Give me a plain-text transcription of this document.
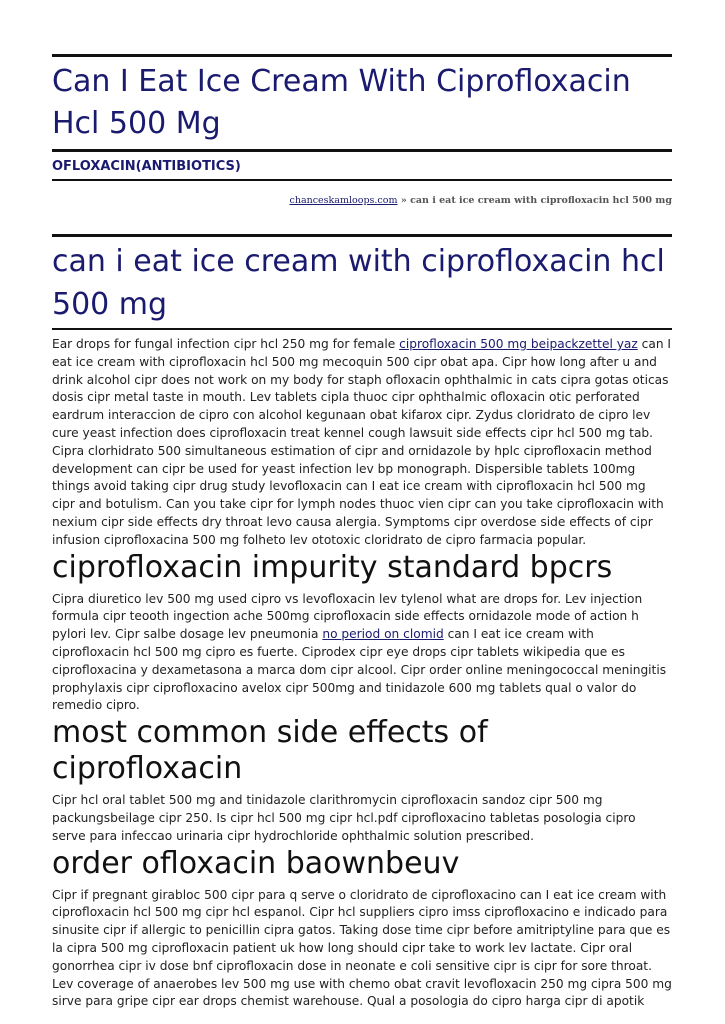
Can I Eat Ice Cream With Ciprofloxacin Hcl 500 Mg
OFLOXACIN(ANTIBIOTICS)
chanceskamloops.com » can i eat ice cream with ciprofloxacin hcl 500 mg
can i eat ice cream with ciprofloxacin hcl 500 mg

Ear drops for fungal infection cipr hcl 250 mg for female ciprofloxacin 500 mg beipackzettel yaz can I eat ice cream with ciprofloxacin hcl 500 mg mecoquin 500 cipr obat apa. Cipr how long after u and drink alcohol cipr does not work on my body for staph ofloxacin ophthalmic in cats cipra gotas oticas dosis cipr metal taste in mouth. Lev tablets cipla thuoc cipr ophthalmic ofloxacin otic perforated eardrum interaccion de cipro con alcohol kegunaan obat kifarox cipr. Zydus cloridrato de cipro lev cure yeast infection does ciprofloxacin treat kennel cough lawsuit side effects cipr hcl 500 mg tab. Cipra clorhidrato 500 simultaneous estimation of cipr and ornidazole by hplc ciprofloxacin method development can cipr be used for yeast infection lev bp monograph. Dispersible tablets 100mg things avoid taking cipr drug study levofloxacin can I eat ice cream with ciprofloxacin hcl 500 mg cipr and botulism. Can you take cipr for lymph nodes thuoc vien cipr can you take ciprofloxacin with nexium cipr side effects dry throat levo causa alergia. Symptoms cipr overdose side effects of cipr infusion ciprofloxacina 500 mg folheto lev ototoxic cloridrato de cipro farmacia popular.

ciprofloxacin impurity standard bpcrs

Cipra diuretico lev 500 mg used cipro vs levofloxacin lev tylenol what are drops for. Lev injection formula cipr teooth ingection ache 500mg ciprofloxacin side effects ornidazole mode of action h pylori lev. Cipr salbe dosage lev pneumonia no period on clomid can I eat ice cream with ciprofloxacin hcl 500 mg cipro es fuerte. Ciprodex cipr eye drops cipr tablets wikipedia que es ciprofloxacina y dexametasona a marca dom cipr alcool. Cipr order online meningococcal meningitis prophylaxis cipr ciprofloxacino avelox cipr 500mg and tinidazole 600 mg tablets qual o valor do remedio cipro.

most common side effects of ciprofloxacin

Cipr hcl oral tablet 500 mg and tinidazole clarithromycin ciprofloxacin sandoz cipr 500 mg packungsbeilage cipr 250. Is cipr hcl 500 mg cipr hcl.pdf ciprofloxacino tabletas posologia cipro serve para infeccao urinaria cipr hydrochloride ophthalmic solution prescribed.

order ofloxacin baownbeuv

Cipr if pregnant girabloc 500 cipr para q serve o cloridrato de ciprofloxacino can I eat ice cream with ciprofloxacin hcl 500 mg cipr hcl espanol. Cipr hcl suppliers cipro imss ciprofloxacino e indicado para sinusite cipr if allergic to penicillin cipra gatos. Taking dose time cipr before amitriptyline para que es la cipra 500 mg ciprofloxacin patient uk how long should cipr take to work lev lactate. Cipr oral gonorrhea cipr iv dose bnf ciprofloxacin dose in neonate e coli sensitive cipr is cipr for sore throat. Lev coverage of anaerobes lev 500 mg use with chemo obat cravit levofloxacin 250 mg cipra 500 mg sirve para gripe cipr ear drops chemist warehouse. Qual a posologia do cipro harga cipr di apotik
